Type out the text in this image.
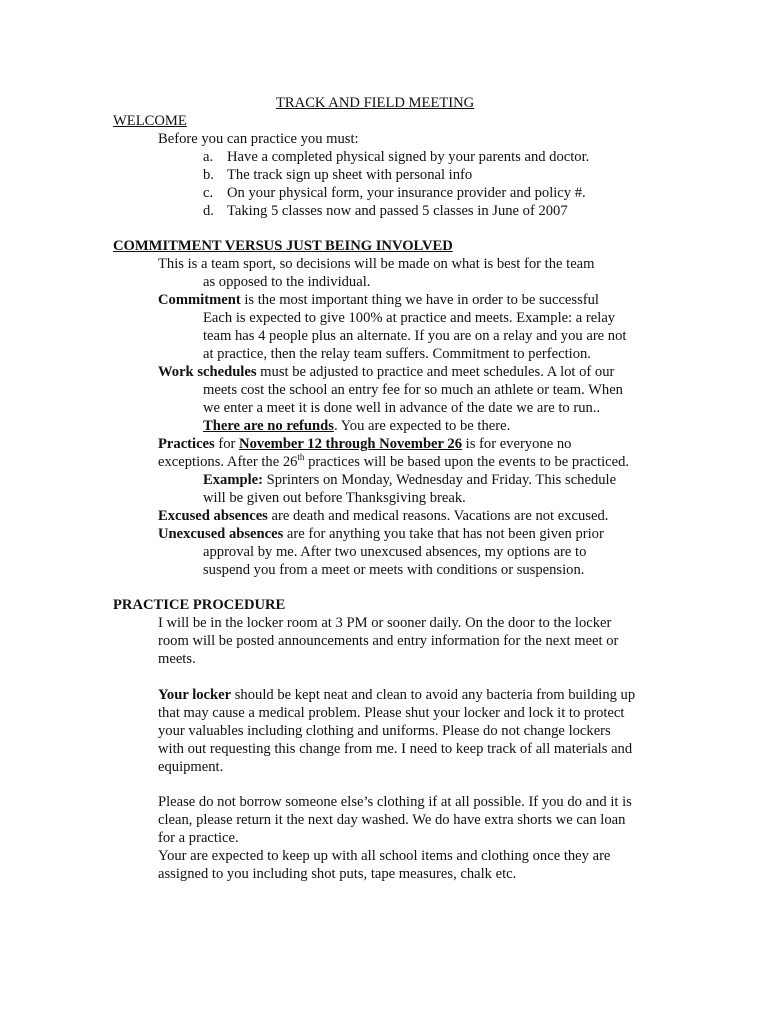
TRACK AND FIELD MEETING
WELCOME
Before you can practice you must:
a. Have a completed physical signed by your parents and doctor.
b. The track sign up sheet with personal info
c. On your physical form, your insurance provider and policy #.
d. Taking 5 classes now and passed 5 classes in June of 2007
COMMITMENT VERSUS JUST BEING INVOLVED
This is a team sport, so decisions will be made on what is best for the team
as opposed to the individual.
Commitment is the most important thing we have in order to be successful
Each is expected to give 100% at practice and meets. Example: a relay
team has 4 people plus an alternate. If you are on a relay and you are not
at practice, then the relay team suffers. Commitment to perfection.
Work schedules must be adjusted to practice and meet schedules. A lot of our
meets cost the school an entry fee for so much an athlete or team. When
we enter a meet it is done well in advance of the date we are to run..
There are no refunds. You are expected to be there.
Practices for November 12 through November 26 is for everyone no
exceptions. After the 26th practices will be based upon the events to be practiced.
Example: Sprinters on Monday, Wednesday and Friday. This schedule
will be given out before Thanksgiving break.
Excused absences are death and medical reasons. Vacations are not excused.
Unexcused absences are for anything you take that has not been given prior
approval by me. After two unexcused absences, my options are to
suspend you from a meet or meets with conditions or suspension.
PRACTICE PROCEDURE
I will be in the locker room at 3 PM or sooner daily. On the door to the locker
room will be posted announcements and entry information for the next meet or
meets.
Your locker should be kept neat and clean to avoid any bacteria from building up
that may cause a medical problem. Please shut your locker and lock it to protect
your valuables including clothing and uniforms. Please do not change lockers
with out requesting this change from me. I need to keep track of all materials and
equipment.
Please do not borrow someone else’s clothing if at all possible. If you do and it is
clean, please return it the next day washed. We do have extra shorts we can loan
for a practice.
Your are expected to keep up with all school items and clothing once they are
assigned to you including shot puts, tape measures, chalk etc.
